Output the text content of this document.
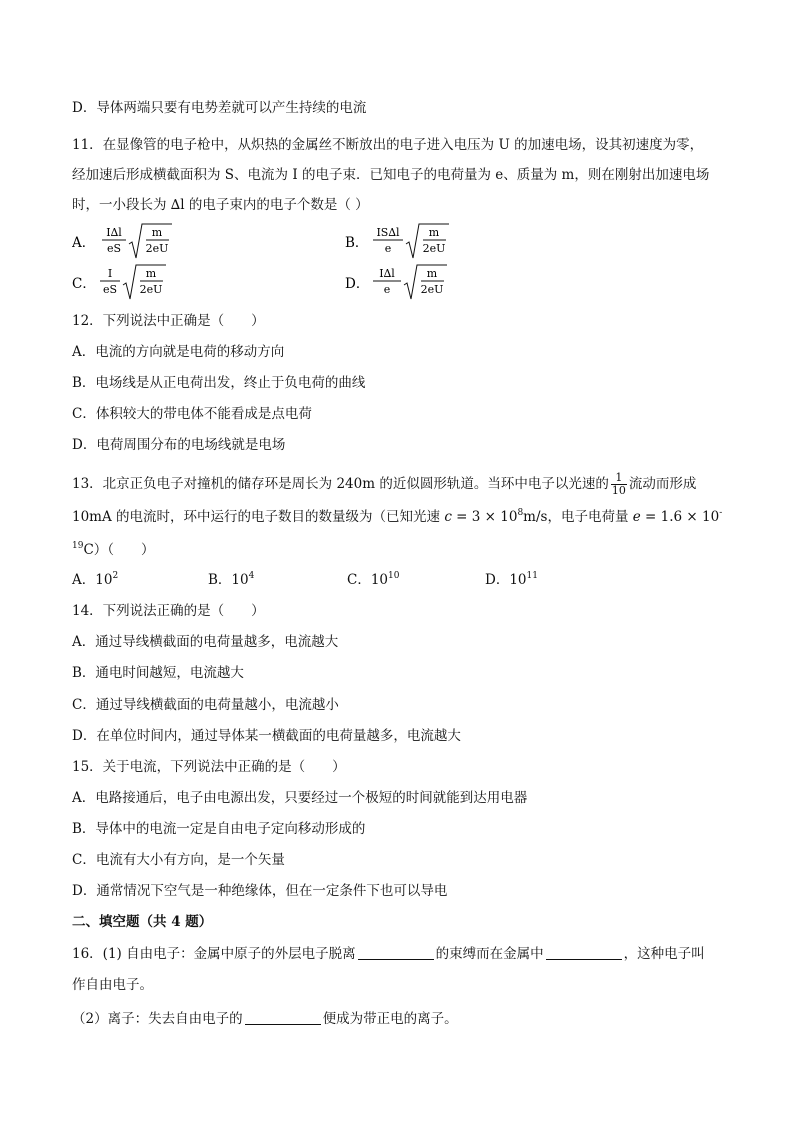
D．导体两端只要有电势差就可以产生持续的电流
11．在显像管的电子枪中，从炽热的金属丝不断放出的电子进入电压为 U 的加速电场，设其初速度为零，
经加速后形成横截面积为 S、电流为 I 的电子束．已知电子的电荷量为 e、质量为 m，则在刚射出加速电场
时，一小段长为 ∆l 的电子束内的电子个数是（ ）
A．
I∆l
eS
m
2eU	B．
IS∆l
e
m
2eU
C．
I
eS
m
2eU	D．
I∆l
e
m
2eU
12．下列说法中正确是（　　）
A．电流的方向就是电荷的移动方向
B．电场线是从正电荷出发，终止于负电荷的曲线
C．体积较大的带电体不能看成是点电荷
D．电荷周围分布的电场线就是电场
13．北京正负电子对撞机的储存环是周长为 240m 的近似圆形轨道。当环中电子以光速的 $\frac{1}{10}$ 流动而形成
10mA 的电流时，环中运行的电子数目的数量级为（已知光速 $c = 3 \times 10^8m/s$，电子电荷量 e = 1.6 × 10-
$^{19}$C）（　　）
A．$10^2$	B．$10^4$	C．$10^{10}$	D．$10^{11}$
14．下列说法正确的是（　　）
A．通过导线横截面的电荷量越多，电流越大
B．通电时间越短，电流越大
C．通过导线横截面的电荷量越小，电流越小
D．在单位时间内，通过导体某一横截面的电荷量越多，电流越大
15．关于电流，下列说法中正确的是（　　）
A．电路接通后，电子由电源出发，只要经过一个极短的时间就能到达用电器
B．导体中的电流一定是自由电子定向移动形成的
C．电流有大小有方向，是一个矢量
D．通常情况下空气是一种绝缘体，但在一定条件下也可以导电
二、填空题（共 4 题）
16．(1) 自由电子：金属中原子的外层电子脱离	的束缚而在金属中	，这种电子叫
作自由电子。
（2）离子：失去自由电子的	便成为带正电的离子。
